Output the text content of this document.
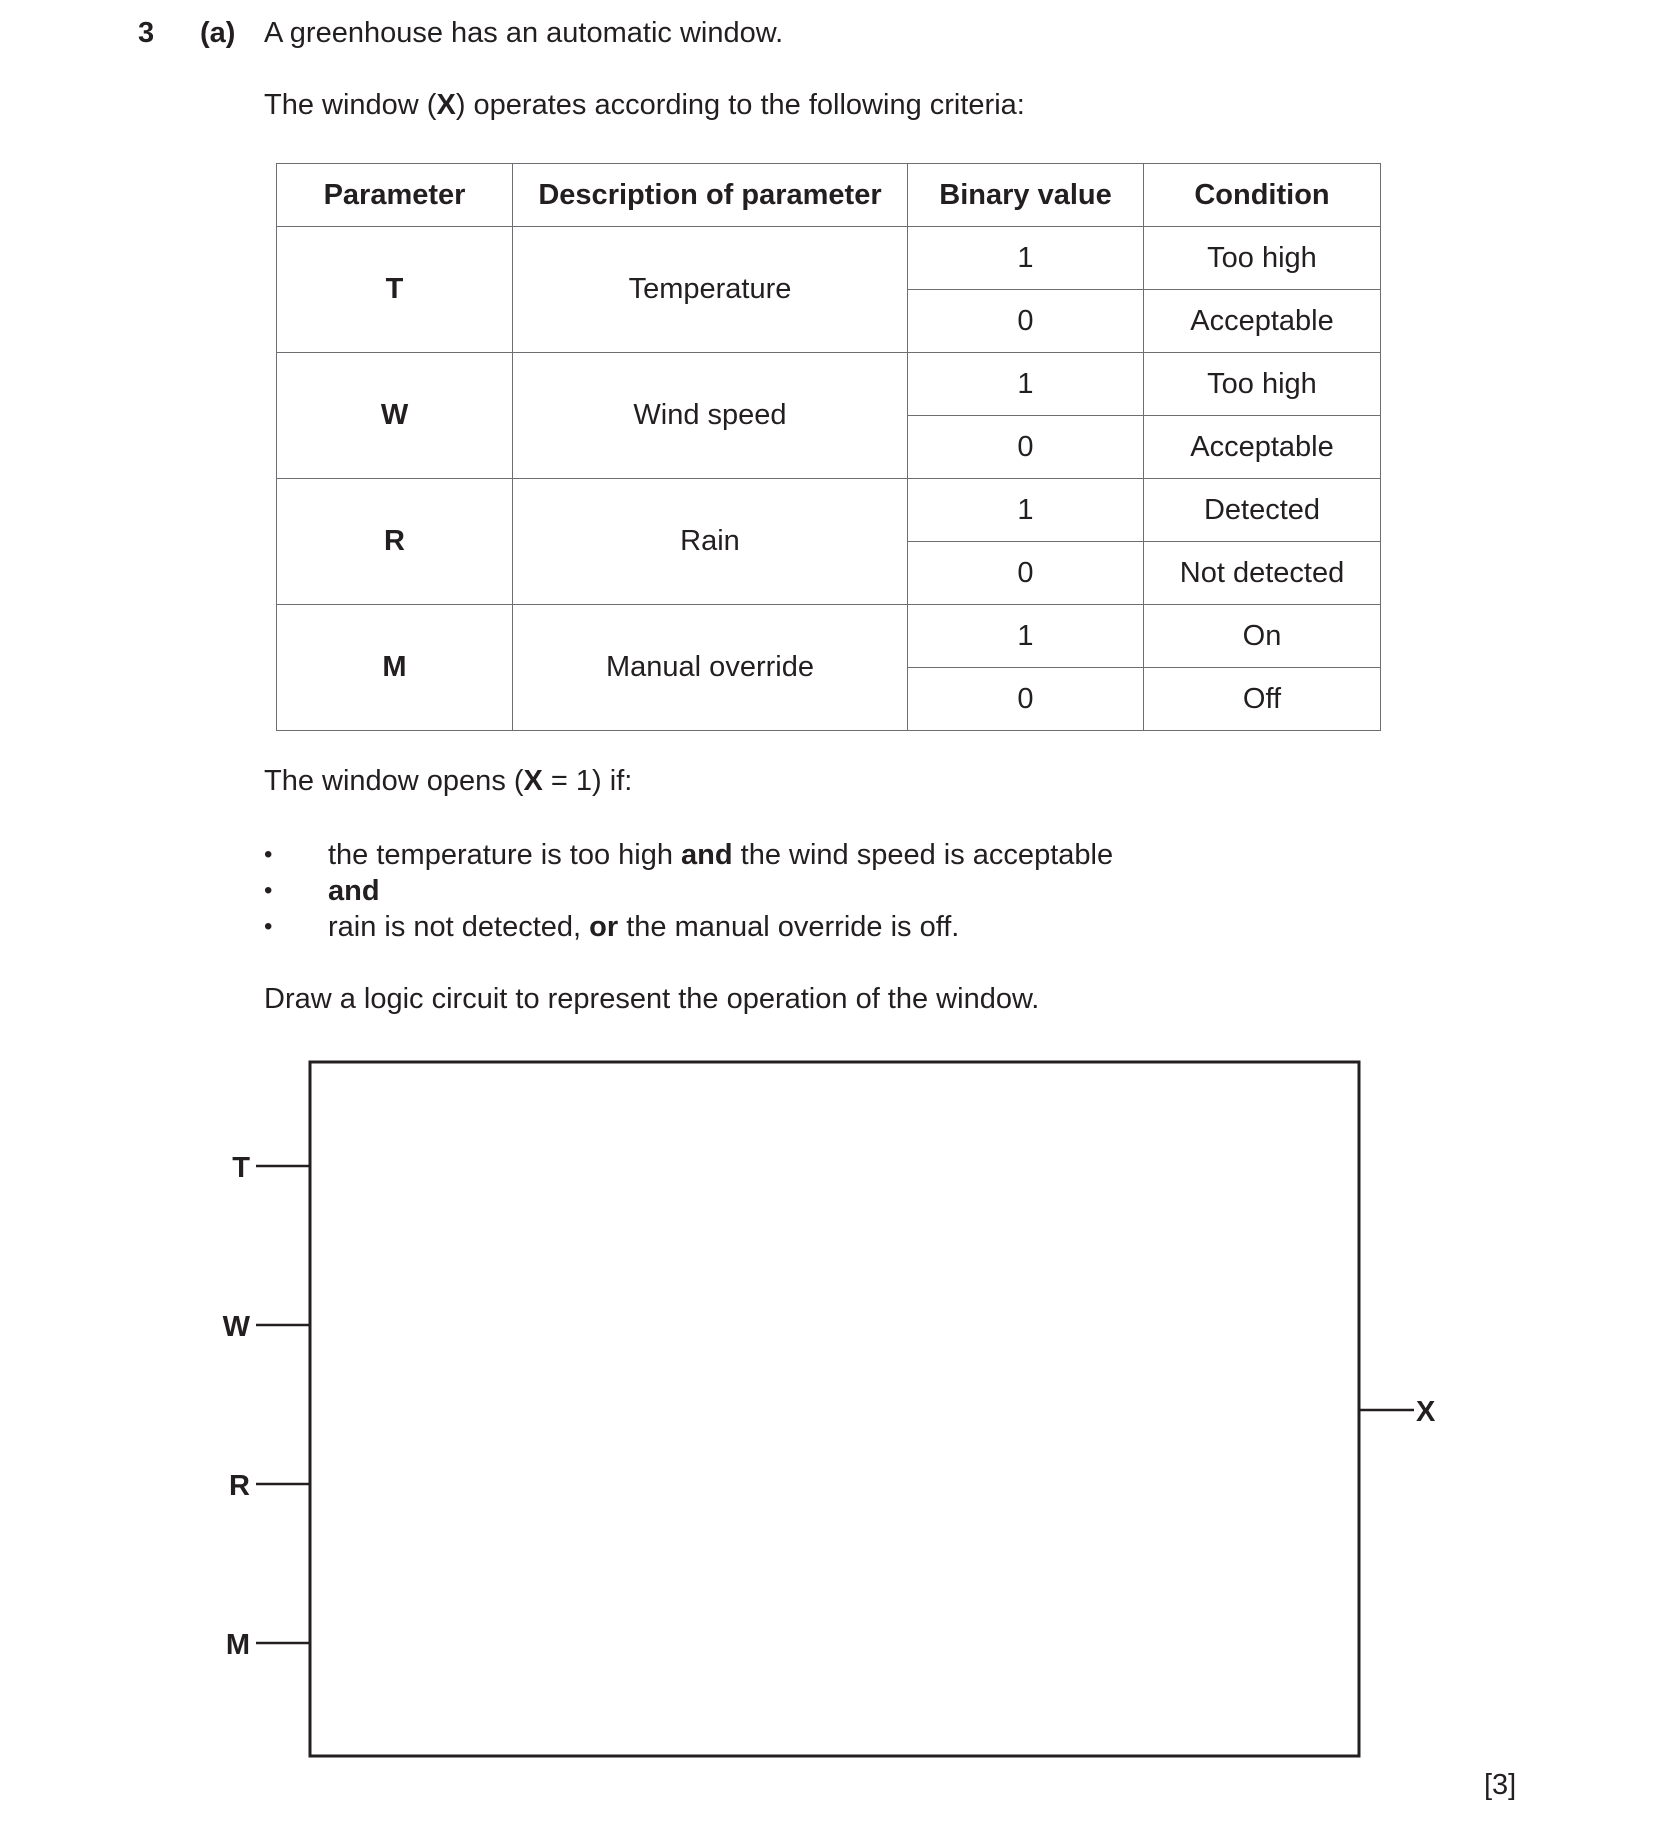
3 (a) A greenhouse has an automatic window.
The window (X) operates according to the following criteria:
Parameter	Description of parameter	Binary value	Condition
T	Temperature	1	Too high
		0	Acceptable
W	Wind speed	1	Too high
		0	Acceptable
R	Rain	1	Detected
		0	Not detected
M	Manual override	1	On
		0	Off
The window opens (X = 1) if:
• the temperature is too high and the wind speed is acceptable
• and
• rain is not detected, or the manual override is off.
Draw a logic circuit to represent the operation of the window.
T
W
R
M
X
[3]
